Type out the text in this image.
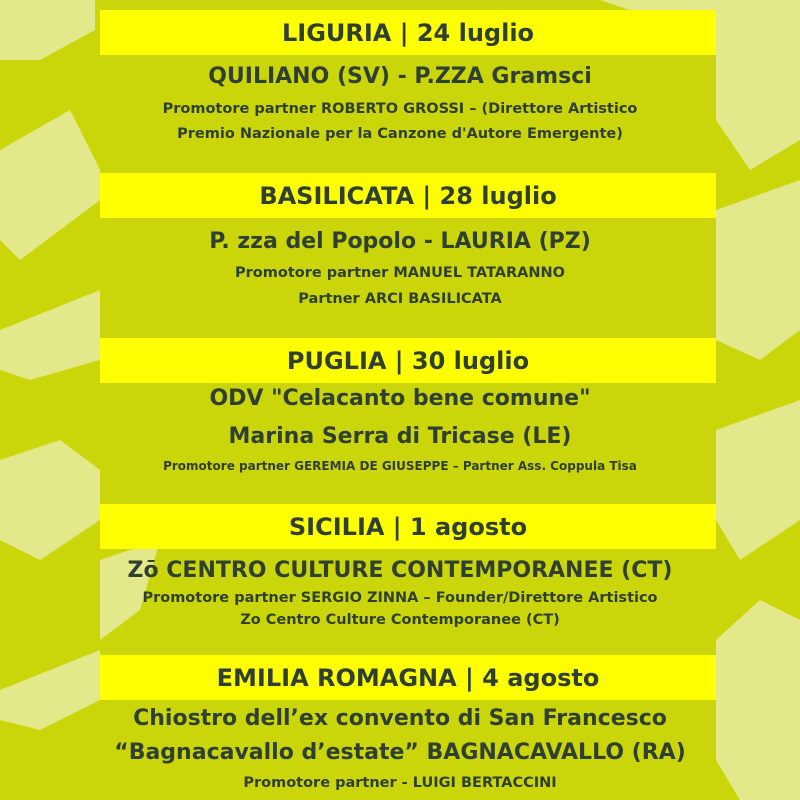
LIGURIA | 24 luglio
QUILIANO (SV) - P.ZZA Gramsci
Promotore partner ROBERTO GROSSI – (Direttore Artistico
Premio Nazionale per la Canzone d'Autore Emergente)
BASILICATA | 28 luglio
P. zza del Popolo - LAURIA (PZ)
Promotore partner MANUEL TATARANNO
Partner ARCI BASILICATA
PUGLIA | 30 luglio
ODV "Celacanto bene comune"
Marina Serra di Tricase (LE)
Promotore partner GEREMIA DE GIUSEPPE – Partner Ass. Coppula Tisa
SICILIA | 1 agosto
Zō CENTRO CULTURE CONTEMPORANEE (CT)
Promotore partner SERGIO ZINNA – Founder/Direttore Artistico
Zo Centro Culture Contemporanee (CT)
EMILIA ROMAGNA | 4 agosto
Chiostro dell’ex convento di San Francesco
“Bagnacavallo d’estate” BAGNACAVALLO (RA)
Promotore partner - LUIGI BERTACCINI
